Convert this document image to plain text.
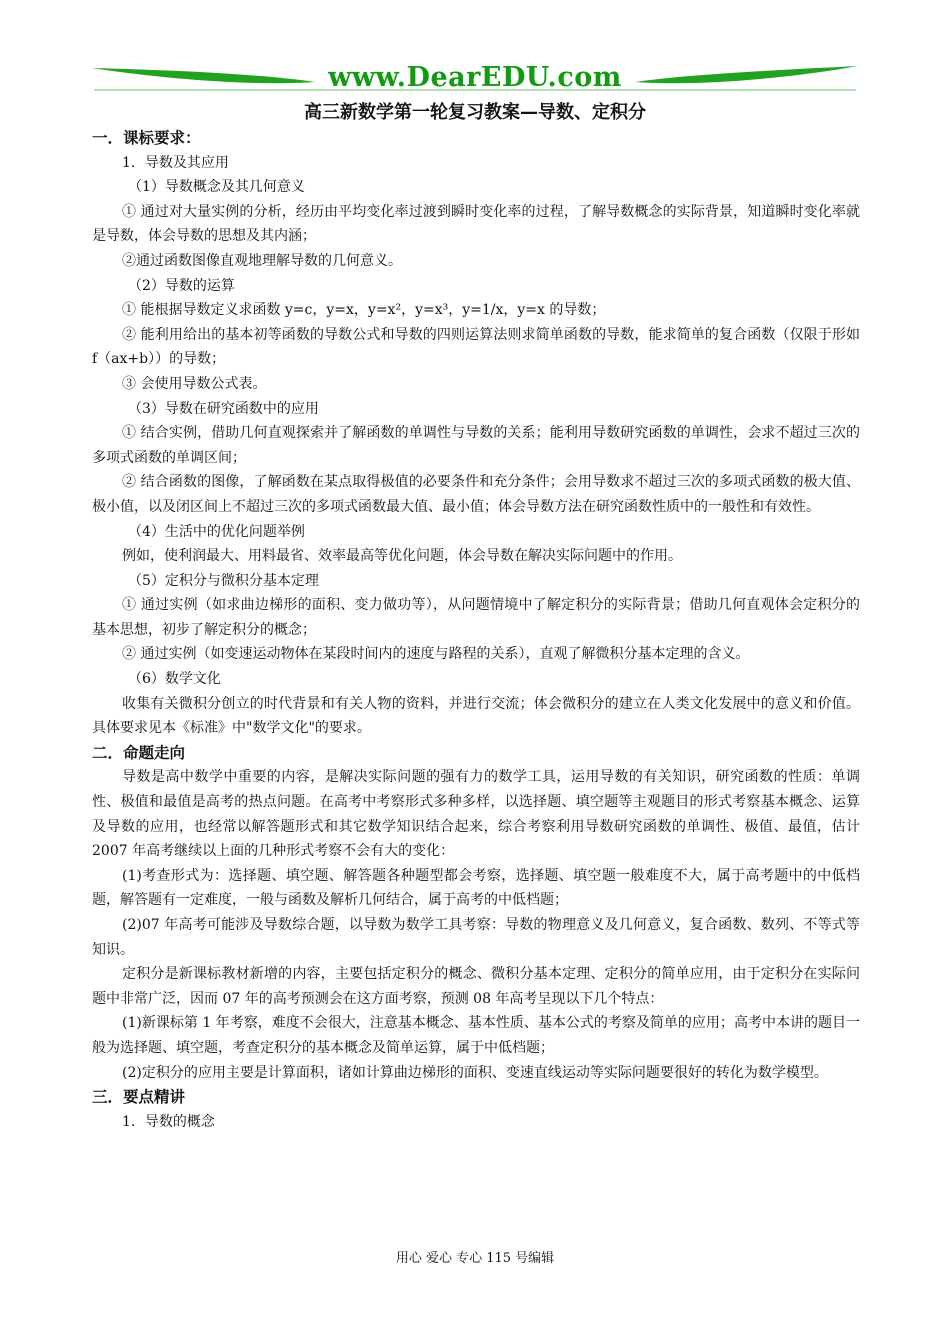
www.DearEDU.com
高三新数学第一轮复习教案—导数、定积分

一．课标要求：

1．导数及其应用

（1）导数概念及其几何意义

① 通过对大量实例的分析，经历由平均变化率过渡到瞬时变化率的过程，了解导数概念的实际背景，知道瞬时变化率就是导数，体会导数的思想及其内涵；

②通过函数图像直观地理解导数的几何意义。

（2）导数的运算

① 能根据导数定义求函数 y=c，y=x，y=x²，y=x³，y=1/x，y=x 的导数；

② 能利用给出的基本初等函数的导数公式和导数的四则运算法则求简单函数的导数，能求简单的复合函数（仅限于形如 f（ax+b））的导数；

③ 会使用导数公式表。

（3）导数在研究函数中的应用

① 结合实例，借助几何直观探索并了解函数的单调性与导数的关系；能利用导数研究函数的单调性，会求不超过三次的多项式函数的单调区间；

② 结合函数的图像，了解函数在某点取得极值的必要条件和充分条件；会用导数求不超过三次的多项式函数的极大值、极小值，以及闭区间上不超过三次的多项式函数最大值、最小值；体会导数方法在研究函数性质中的一般性和有效性。

（4）生活中的优化问题举例

例如，使利润最大、用料最省、效率最高等优化问题，体会导数在解决实际问题中的作用。

（5）定积分与微积分基本定理

① 通过实例（如求曲边梯形的面积、变力做功等），从问题情境中了解定积分的实际背景；借助几何直观体会定积分的基本思想，初步了解定积分的概念；

② 通过实例（如变速运动物体在某段时间内的速度与路程的关系），直观了解微积分基本定理的含义。

（6）数学文化

收集有关微积分创立的时代背景和有关人物的资料，并进行交流；体会微积分的建立在人类文化发展中的意义和价值。具体要求见本《标准》中"数学文化"的要求。

二．命题走向

导数是高中数学中重要的内容，是解决实际问题的强有力的数学工具，运用导数的有关知识，研究函数的性质：单调性、极值和最值是高考的热点问题。在高考中考察形式多种多样，以选择题、填空题等主观题目的形式考察基本概念、运算及导数的应用，也经常以解答题形式和其它数学知识结合起来，综合考察利用导数研究函数的单调性、极值、最值，估计 2007 年高考继续以上面的几种形式考察不会有大的变化：

(1)考查形式为：选择题、填空题、解答题各种题型都会考察，选择题、填空题一般难度不大，属于高考题中的中低档题，解答题有一定难度，一般与函数及解析几何结合，属于高考的中低档题；

(2)07 年高考可能涉及导数综合题，以导数为数学工具考察：导数的物理意义及几何意义，复合函数、数列、不等式等知识。

定积分是新课标教材新增的内容，主要包括定积分的概念、微积分基本定理、定积分的简单应用，由于定积分在实际问题中非常广泛，因而 07 年的高考预测会在这方面考察，预测 08 年高考呈现以下几个特点：

(1)新课标第 1 年考察，难度不会很大，注意基本概念、基本性质、基本公式的考察及简单的应用；高考中本讲的题目一般为选择题、填空题，考查定积分的基本概念及简单运算，属于中低档题；

(2)定积分的应用主要是计算面积，诸如计算曲边梯形的面积、变速直线运动等实际问题要很好的转化为数学模型。

三．要点精讲

1．导数的概念

用心 爱心 专心 115 号编辑
